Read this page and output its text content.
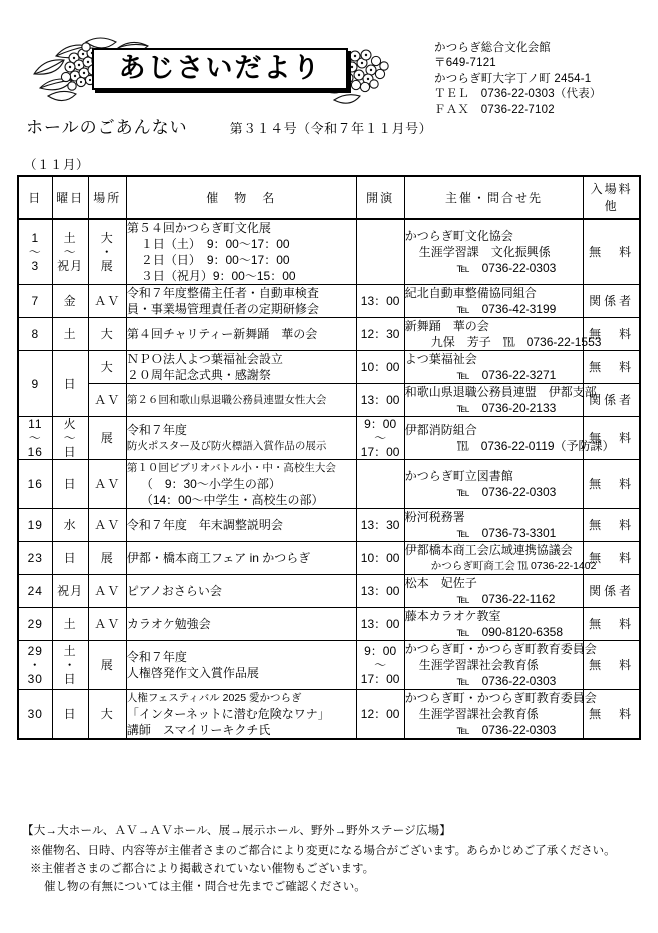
あじさいだより
かつらぎ総合文化会館
〒649-7121
かつらぎ町大字丁ノ町 2454-1
ＴＥＬ　0736-22-0303（代表）
ＦＡＸ　0736-22-7102
ホールのごあんない	第３１４号（令和７年１１月号）
（１１月）
日	曜日	場所	催　物　名	開演	主催・問合せ先	入場料他

1
〜
3	土
〜
祝月	大
・
展	第５４回かつらぎ町文化展
１日（土）　9：00〜17：00
２日（日）　9：00〜17：00
３日（祝月）9：00〜15：00		かつらぎ町文化協会
生涯学習課　文化振興係
℡　0736-22-0303	無　料

7	金	ＡＶ	令和７年度整備主任者・自動車検査
員・事業場管理責任者の定期研修会	13：00	紀北自動車整備協同組合
℡　0736-42-3199	関係者

8	土	大	第４回チャリティー新舞踊　華の会	12：30	新舞踊　華の会
九保　芳子　℡　0736-22-1553	無　料

9	日	大	ＮＰＯ法人よつ葉福祉会設立
２０周年記念式典・感謝祭	10：00	よつ葉福祉会
℡　0736-22-3271	無　料

		ＡＶ	第２６回和歌山県退職公務員連盟女性大会	13：00	和歌山県退職公務員連盟　伊都支部
℡　0736-20-2133	関係者

11
〜
16	火
〜
日	展	令和７年度
防火ポスター及び防火標語入賞作品の展示	9：00
〜
17：00	伊都消防組合
℡　0736-22-0119（予防課）	無　料

16	日	ＡＶ	第１０回ビブリオバトル小・中・高校生大会
（　9：30〜小学生の部）
（14：00〜中学生・高校生の部）		かつらぎ町立図書館
℡　0736-22-0303	無　料

19	水	ＡＶ	令和７年度　年末調整説明会	13：30	粉河税務署
℡　0736-73-3301	無　料

23	日	展	伊都・橋本商工フェア in かつらぎ	10：00	伊都橋本商工会広域連携協議会
かつらぎ町商工会 ℡ 0736-22-1402	無　料

24	祝月	ＡＶ	ピアノおさらい会	13：00	松本　妃佐子
℡　0736-22-1162	関係者

29	土	ＡＶ	カラオケ勉強会	13：00	藤本カラオケ教室
℡　090-8120-6358	無　料

29
・
30	土
・
日	展	令和７年度
人権啓発作文入賞作品展	9：00
〜
17：00	かつらぎ町・かつらぎ町教育委員会
生涯学習課社会教育係
℡　0736-22-0303	無　料

30	日	大	人権フェスティバル 2025 愛かつらぎ
「インターネットに潜む危険なワナ」
講師　スマイリーキクチ氏	12：00	かつらぎ町・かつらぎ町教育委員会
生涯学習課社会教育係
℡　0736-22-0303	無　料
【大→大ホール、ＡＶ→ＡＶホール、展→展示ホール、野外→野外ステージ広場】
※催物名、日時、内容等が主催者さまのご都合により変更になる場合がございます。あらかじめご了承ください。
※主催者さまのご都合により掲載されていない催物もございます。
催し物の有無については主催・問合せ先までご確認ください。
